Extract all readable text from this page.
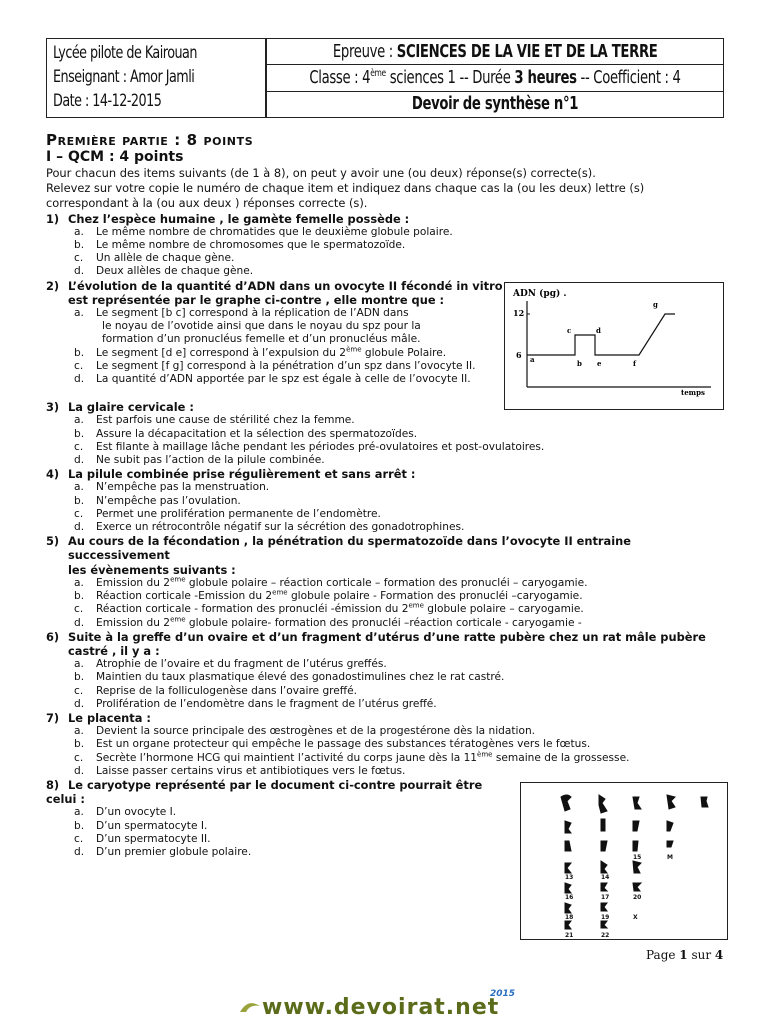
Lycée pilote de Kairouan
Enseignant : Amor Jamli
Date : 14-12-2015
Epreuve : SCIENCES DE LA VIE ET DE LA TERRE
Classe : 4ème sciences 1 -- Durée 3 heures -- Coefficient : 4
Devoir de synthèse n°1
Première partie : 8 points
I – QCM : 4 points
Pour chacun des items suivants (de 1 à 8), on peut y avoir une (ou deux) réponse(s) correcte(s).
Relevez sur votre copie le numéro de chaque item et indiquez dans chaque cas la (ou les deux) lettre (s)
correspondant à la (ou aux deux ) réponses correcte (s).
1) Chez l’espèce humaine , le gamète femelle possède :
a. Le même nombre de chromatides que le deuxième globule polaire.
b. Le même nombre de chromosomes que le spermatozoïde.
c. Un allèle de chaque gène.
d. Deux allèles de chaque gène.
2) L’évolution de la quantité d’ADN dans un ovocyte II fécondé in vitro
est représentée par le graphe ci-contre , elle montre que :
a. Le segment [b c] correspond à la réplication de l’ADN dans
le noyau de l’ovotide ainsi que dans le noyau du spz pour la
formation d’un pronucléus femelle et d’un pronucléus mâle.
b. Le segment [d e] correspond à l’expulsion du 2ème globule Polaire.
c. Le segment [f g] correspond à la pénétration d’un spz dans l’ovocyte II.
d. La quantité d’ADN apportée par le spz est égale à celle de l’ovocyte II.
3) La glaire cervicale :
a. Est parfois une cause de stérilité chez la femme.
b. Assure la décapacitation et la sélection des spermatozoïdes.
c. Est filante à maillage lâche pendant les périodes pré-ovulatoires et post-ovulatoires.
d. Ne subit pas l’action de la pilule combinée.
4) La pilule combinée prise régulièrement et sans arrêt :
a. N’empêche pas la menstruation.
b. N’empêche pas l’ovulation.
c. Permet une prolifération permanente de l’endomètre.
d. Exerce un rétrocontrôle négatif sur la sécrétion des gonadotrophines.
5) Au cours de la fécondation , la pénétration du spermatozoïde dans l’ovocyte II entraine successivement
les évènements suivants :
a. Emission du 2eme globule polaire – réaction corticale – formation des pronucléi – caryogamie.
b. Réaction corticale -Emission du 2eme globule polaire - Formation des pronucléi –caryogamie.
c. Réaction corticale - formation des pronucléi -émission du 2eme globule polaire – caryogamie.
d. Emission du 2eme globule polaire- formation des pronucléi –réaction corticale - caryogamie -
6) Suite à la greffe d’un ovaire et d’un fragment d’utérus d’une ratte pubère chez un rat mâle pubère
castré , il y a :
a. Atrophie de l’ovaire et du fragment de l’utérus greffés.
b. Maintien du taux plasmatique élevé des gonadostimulines chez le rat castré.
c. Reprise de la folliculogenèse dans l’ovaire greffé.
d. Prolifération de l’endomètre dans le fragment de l’utérus greffé.
7) Le placenta :
a. Devient la source principale des œstrogènes et de la progestérone dès la nidation.
b. Est un organe protecteur qui empêche le passage des substances tératogènes vers le fœtus.
c. Secrète l’hormone HCG qui maintient l’activité du corps jaune dès la 11ème semaine de la grossesse.
d. Laisse passer certains virus et antibiotiques vers le fœtus.
8) Le caryotype représenté par le document ci-contre pourrait être
celui :
a. D’un ovocyte I.
b. D’un spermatocyte I.
c. D’un spermatocyte II.
d. D’un premier globule polaire.
ADN (pg) .
12
6 a	b
c	d
e	f
g
temps
13	14
15
16	17
18	19
20
21	22
M
X
Page 1 sur 4
www.devoirat.net
2015
